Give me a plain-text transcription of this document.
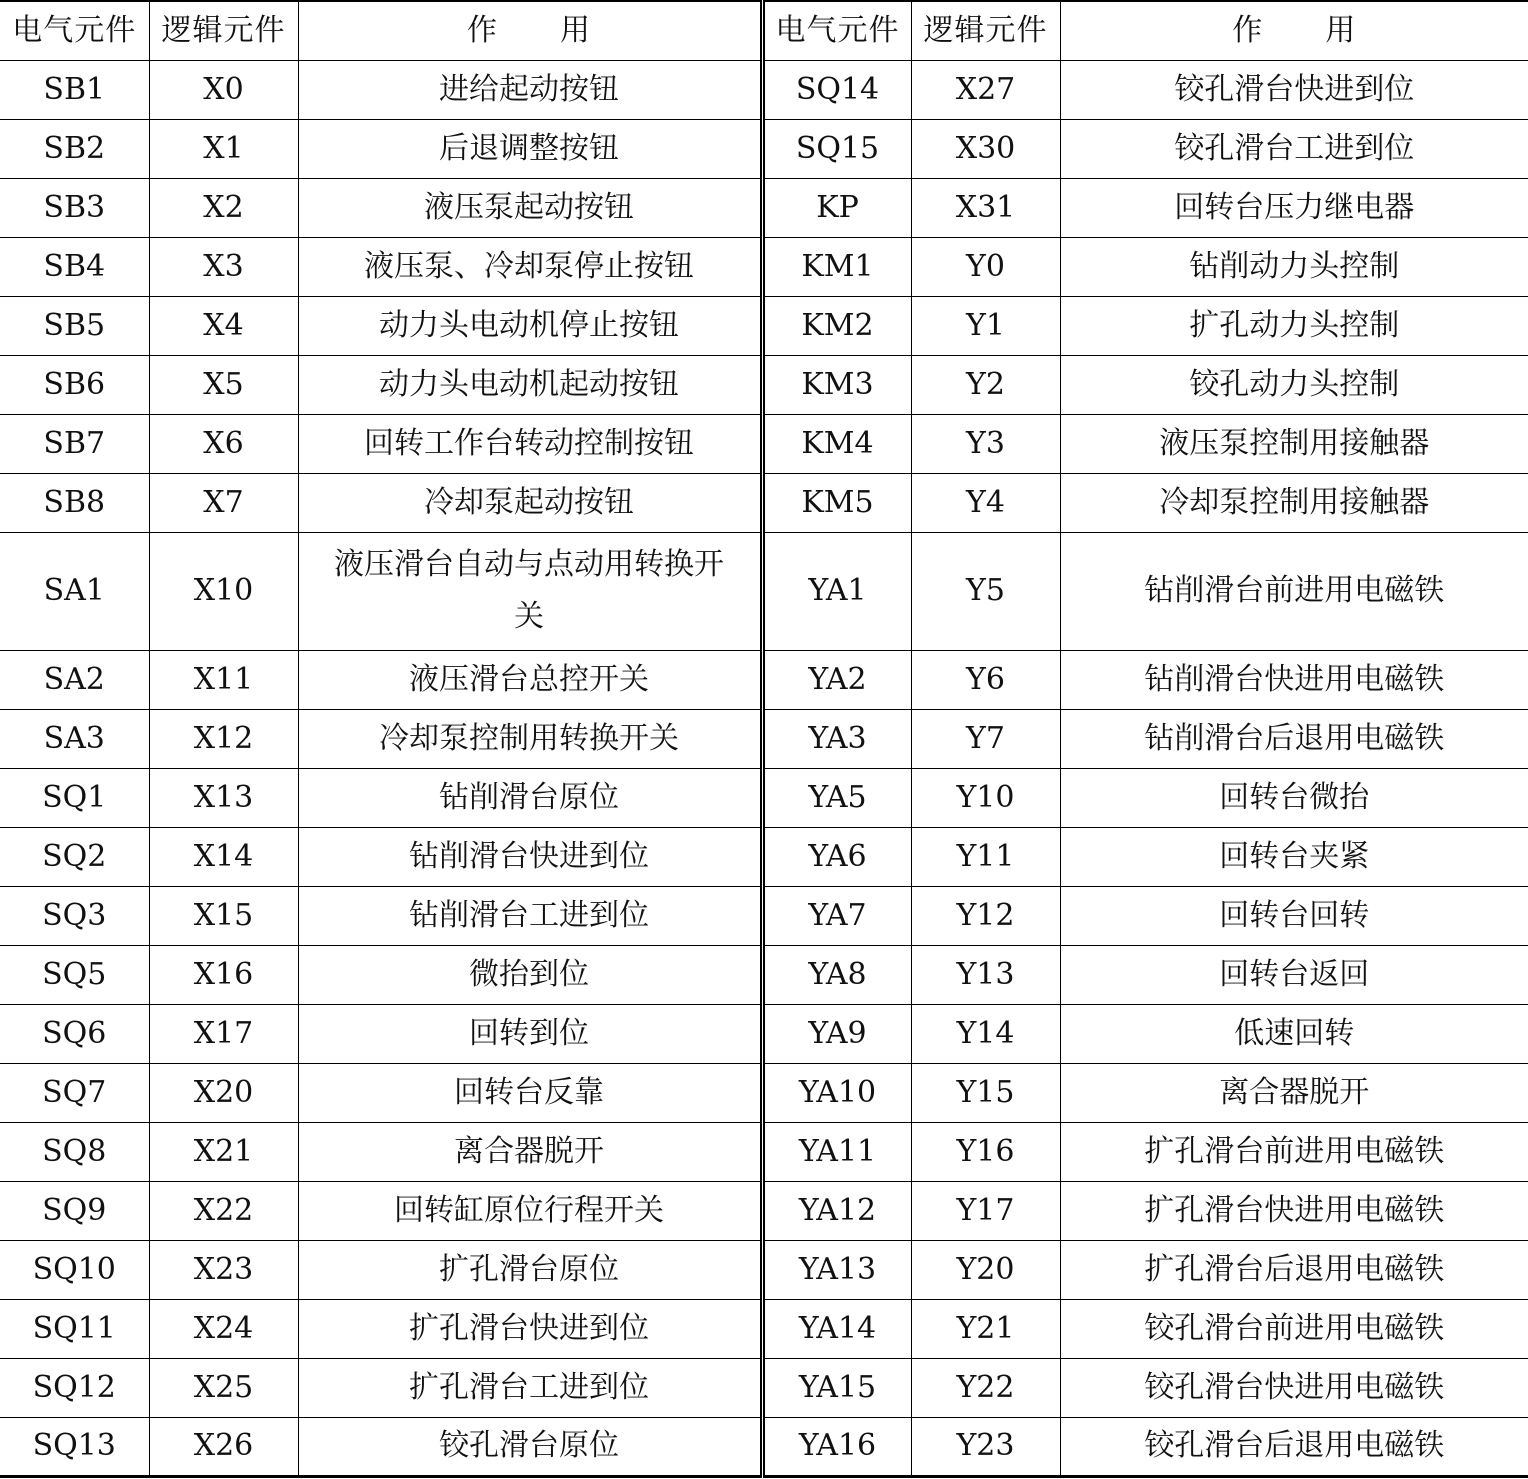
电气元件	逻辑元件	作　　用	电气元件	逻辑元件	作　　用
SB1	X0	进给起动按钮	SQ14	X27	铰孔滑台快进到位
SB2	X1	后退调整按钮	SQ15	X30	铰孔滑台工进到位
SB3	X2	液压泵起动按钮	KP	X31	回转台压力继电器
SB4	X3	液压泵、冷却泵停止按钮	KM1	Y0	钻削动力头控制
SB5	X4	动力头电动机停止按钮	KM2	Y1	扩孔动力头控制
SB6	X5	动力头电动机起动按钮	KM3	Y2	铰孔动力头控制
SB7	X6	回转工作台转动控制按钮	KM4	Y3	液压泵控制用接触器
SB8	X7	冷却泵起动按钮	KM5	Y4	冷却泵控制用接触器
SA1	X10	液压滑台自动与点动用转换开关	YA1	Y5	钻削滑台前进用电磁铁
SA2	X11	液压滑台总控开关	YA2	Y6	钻削滑台快进用电磁铁
SA3	X12	冷却泵控制用转换开关	YA3	Y7	钻削滑台后退用电磁铁
SQ1	X13	钻削滑台原位	YA5	Y10	回转台微抬
SQ2	X14	钻削滑台快进到位	YA6	Y11	回转台夹紧
SQ3	X15	钻削滑台工进到位	YA7	Y12	回转台回转
SQ5	X16	微抬到位	YA8	Y13	回转台返回
SQ6	X17	回转到位	YA9	Y14	低速回转
SQ7	X20	回转台反靠	YA10	Y15	离合器脱开
SQ8	X21	离合器脱开	YA11	Y16	扩孔滑台前进用电磁铁
SQ9	X22	回转缸原位行程开关	YA12	Y17	扩孔滑台快进用电磁铁
SQ10	X23	扩孔滑台原位	YA13	Y20	扩孔滑台后退用电磁铁
SQ11	X24	扩孔滑台快进到位	YA14	Y21	铰孔滑台前进用电磁铁
SQ12	X25	扩孔滑台工进到位	YA15	Y22	铰孔滑台快进用电磁铁
SQ13	X26	铰孔滑台原位	YA16	Y23	铰孔滑台后退用电磁铁
